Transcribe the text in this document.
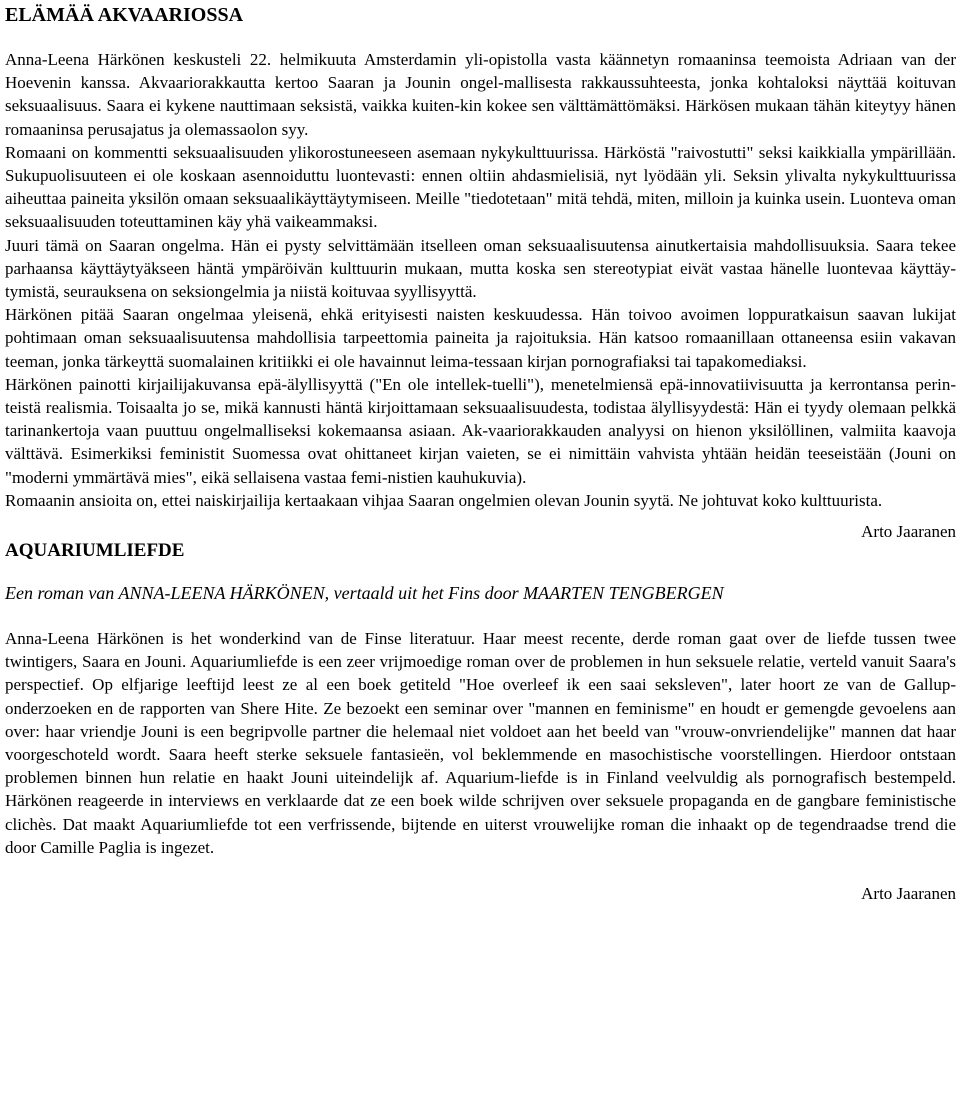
ELÄMÄÄ AKVAARIOSSA

Anna-Leena Härkönen keskusteli 22. helmikuuta Amsterdamin yli-opistolla vasta käännetyn romaaninsa teemoista Adriaan van der Hoevenin kanssa. Akvaariorakkautta kertoo Saaran ja Jounin ongel-mallisesta rakkaussuhteesta, jonka kohtaloksi näyttää koituvan seksuaalisuus. Saara ei kykene nauttimaan seksistä, vaikka kuiten-kin kokee sen välttämättömäksi. Härkösen mukaan tähän kiteytyy hänen romaaninsa perusajatus ja olemassaolon syy.

Romaani on kommentti seksuaalisuuden ylikorostuneeseen asemaan nykykulttuurissa. Härköstä "raivostutti" seksi kaikkialla ympärillään. Sukupuolisuuteen ei ole koskaan asennoiduttu luontevasti: ennen oltiin ahdasmielisiä, nyt lyödään yli. Seksin ylivalta nykykulttuurissa aiheuttaa paineita yksilön omaan seksuaalikäyttäytymiseen. Meille "tiedotetaan" mitä tehdä, miten, milloin ja kuinka usein. Luonteva oman seksuaalisuuden toteuttaminen käy yhä vaikeammaksi.

Juuri tämä on Saaran ongelma. Hän ei pysty selvittämään itselleen oman seksuaalisuutensa ainutkertaisia mahdollisuuksia. Saara tekee parhaansa käyttäytyäkseen häntä ympäröivän kulttuurin mukaan, mutta koska sen stereotypiat eivät vastaa hänelle luontevaa käyttäy-tymistä, seurauksena on seksiongelmia ja niistä koituvaa syyllisyyttä.

Härkönen pitää Saaran ongelmaa yleisenä, ehkä erityisesti naisten keskuudessa. Hän toivoo avoimen loppuratkaisun saavan lukijat pohtimaan oman seksuaalisuutensa mahdollisia tarpeettomia paineita ja rajoituksia. Hän katsoo romaanillaan ottaneensa esiin vakavan teeman, jonka tärkeyttä suomalainen kritiikki ei ole havainnut leima-tessaan kirjan pornografiaksi tai tapakomediaksi.

Härkönen painotti kirjailijakuvansa epä-älyllisyyttä ("En ole intellek-tuelli"), menetelmiensä epä-innovatiivisuutta ja kerrontansa perin-teistä realismia. Toisaalta jo se, mikä kannusti häntä kirjoittamaan seksuaalisuudesta, todistaa älyllisyydestä: Hän ei tyydy olemaan pelkkä tarinankertoja vaan puuttuu ongelmalliseksi kokemaansa asiaan. Ak-vaariorakkauden analyysi on hienon yksilöllinen, valmiita kaavoja välttävä. Esimerkiksi feministit Suomessa ovat ohittaneet kirjan vaieten, se ei nimittäin vahvista yhtään heidän teeseistään (Jouni on "moderni ymmärtävä mies", eikä sellaisena vastaa femi-nistien kauhukuvia).

Romaanin ansioita on, ettei naiskirjailija kertaakaan vihjaa Saaran ongelmien olevan Jounin syytä. Ne johtuvat koko kulttuurista.

Arto Jaaranen

AQUARIUMLIEFDE
Een roman van ANNA-LEENA HÄRKÖNEN, vertaald uit het Fins door MAARTEN TENGBERGEN

Anna-Leena Härkönen is het wonderkind van de Finse literatuur. Haar meest recente, derde roman gaat over de liefde tussen twee twintigers, Saara en Jouni. Aquariumliefde is een zeer vrijmoedige roman over de problemen in hun seksuele relatie, verteld vanuit Saara's perspectief. Op elfjarige leeftijd leest ze al een boek getiteld "Hoe overleef ik een saai seksleven", later hoort ze van de Gallup-onderzoeken en de rapporten van Shere Hite. Ze bezoekt een seminar over "mannen en feminisme" en houdt er gemengde gevoelens aan over: haar vriendje Jouni is een begripvolle partner die helemaal niet voldoet aan het beeld van "vrouw-onvriendelijke" mannen dat haar voorgeschoteld wordt. Saara heeft sterke seksuele fantasieën, vol beklemmende en masochistische voorstellingen. Hierdoor ontstaan problemen binnen hun relatie en haakt Jouni uiteindelijk af. Aquarium-liefde is in Finland veelvuldig als pornografisch bestempeld. Härkönen reageerde in interviews en verklaarde dat ze een boek wilde schrijven over seksuele propaganda en de gangbare feministische clichès. Dat maakt Aquariumliefde tot een verfrissende, bijtende en uiterst vrouwelijke roman die inhaakt op de tegendraadse trend die door Camille Paglia is ingezet.

Arto Jaaranen
